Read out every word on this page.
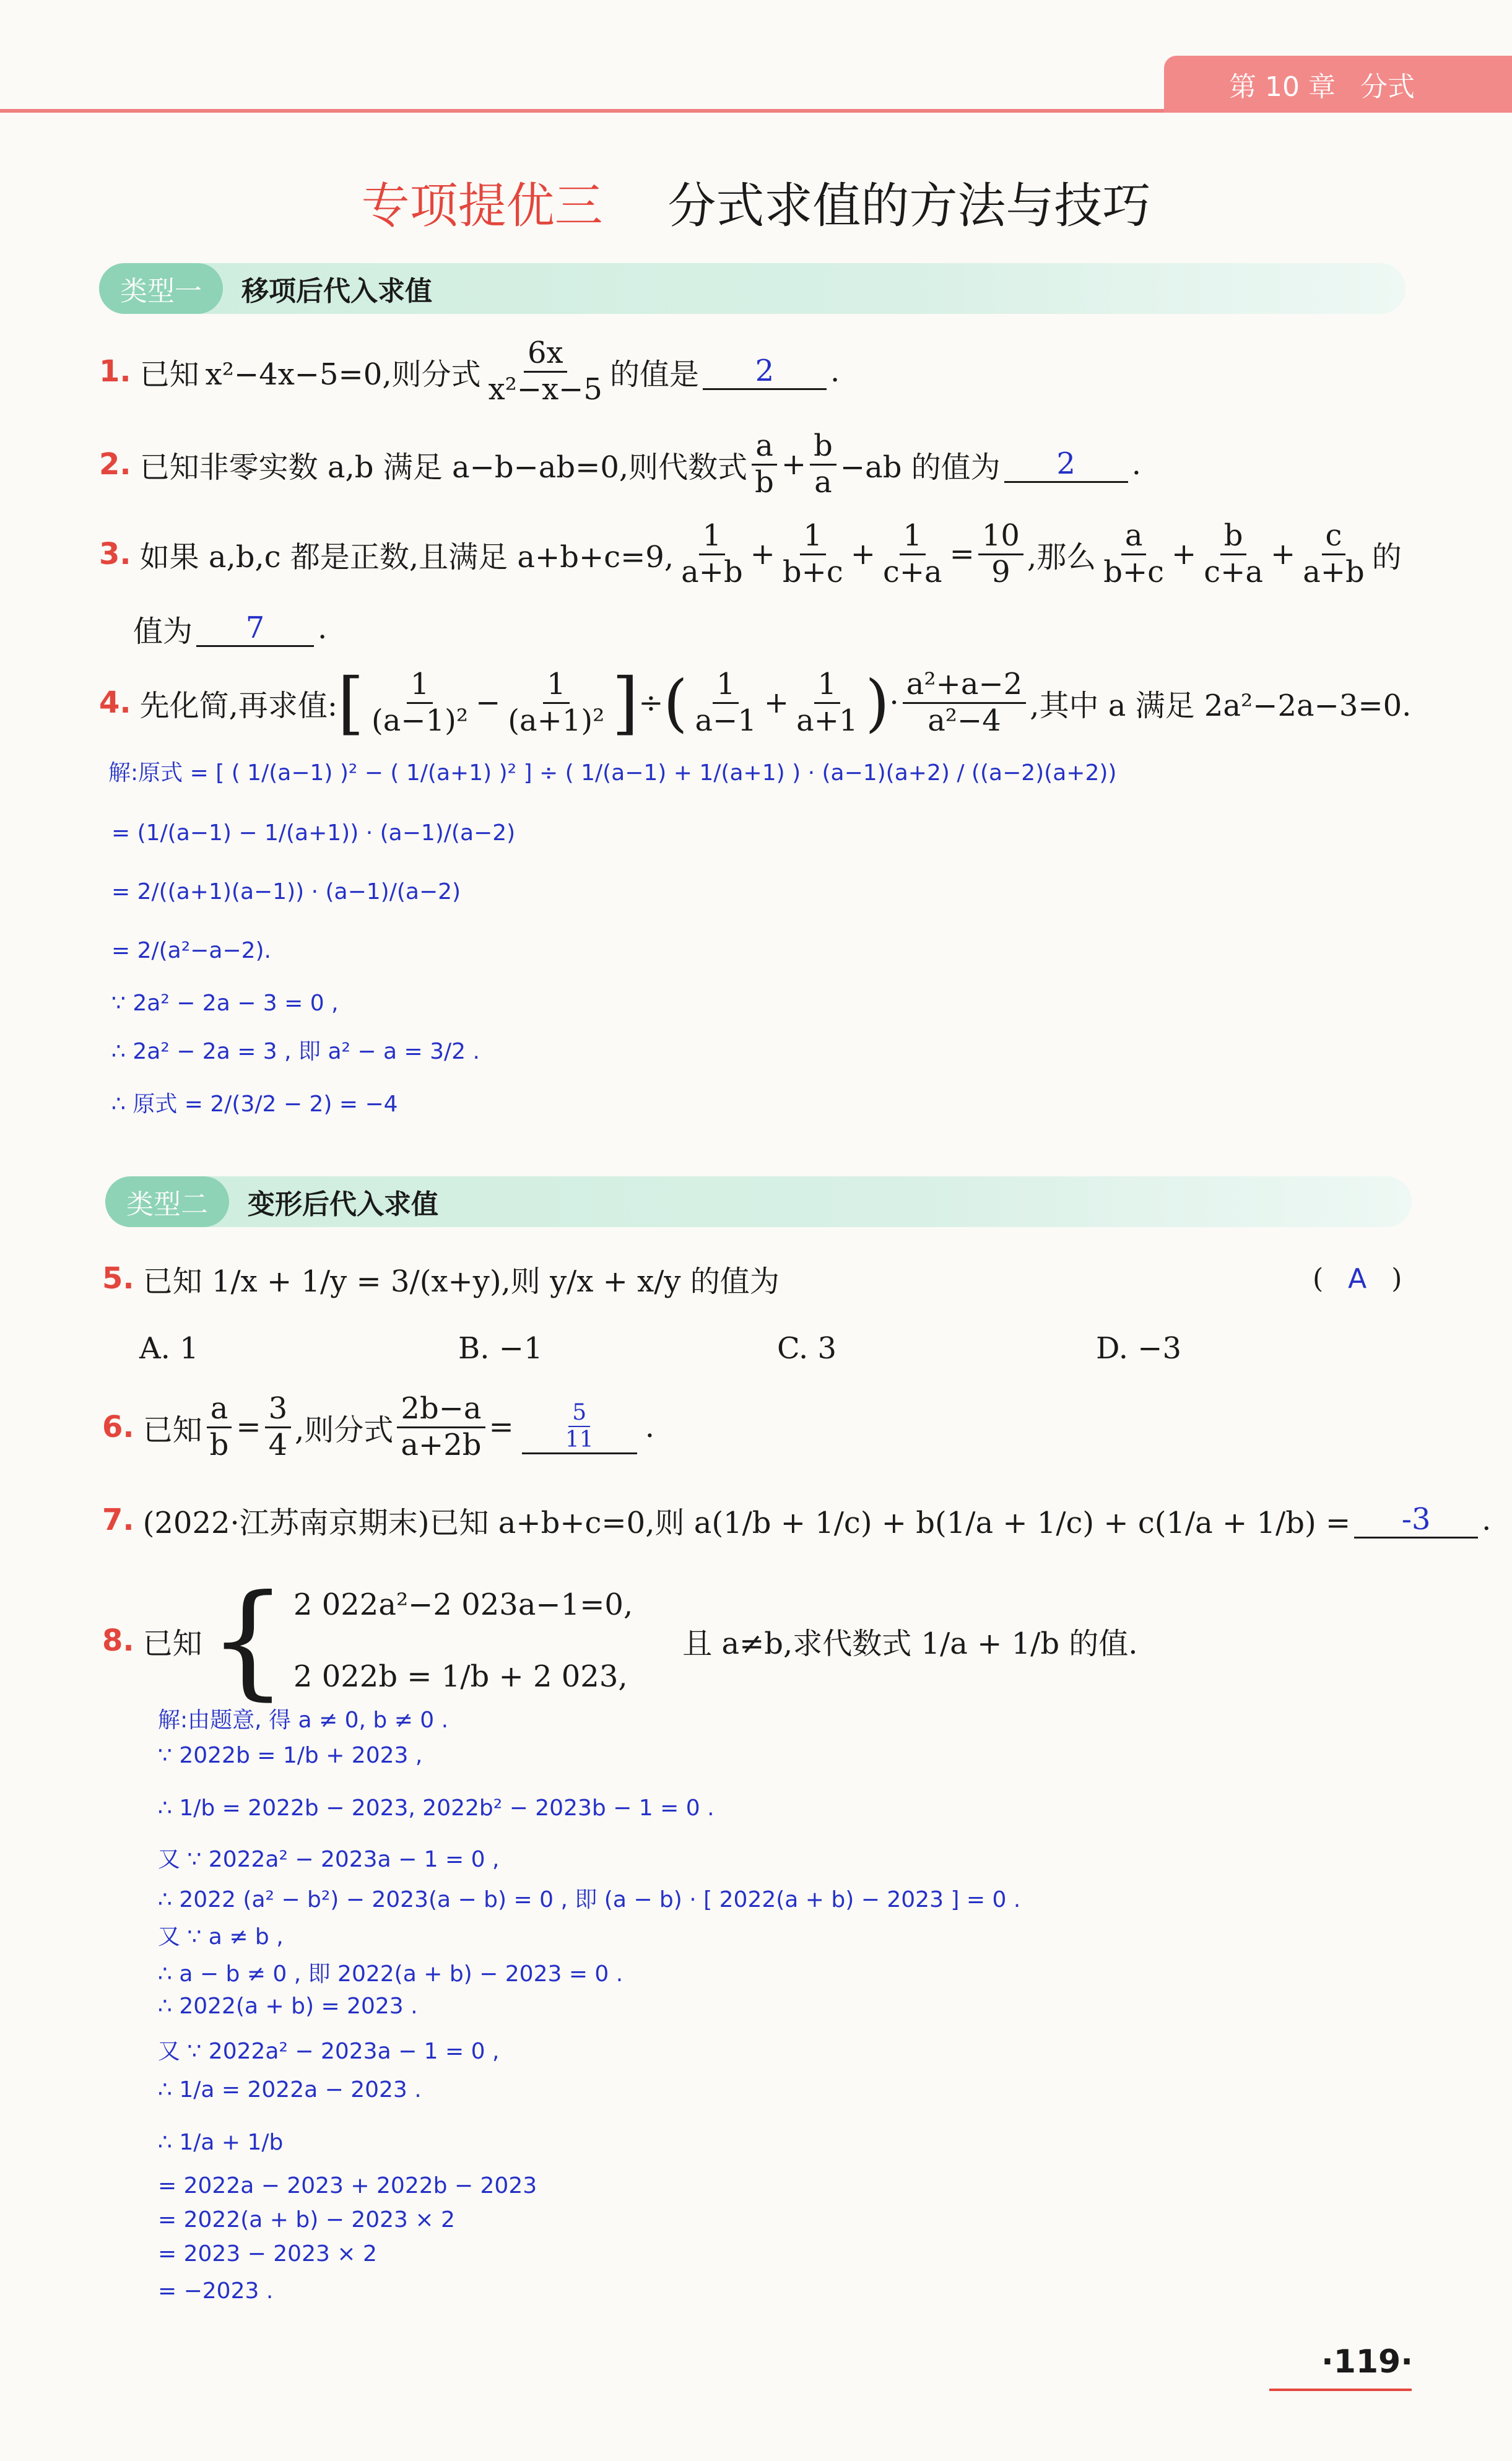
第 10 章 分式
专项提优三 分式求值的方法与技巧
类型一	移项后代入求值
1. 已知 x²−4x−5=0,则分式 $\frac{6x}{\text{x²−x−5}}$ 的值是	2	.
2. 已知非零实数 a,b 满足 a−b−ab=0,则代数式 $\frac{a}{b} + \frac{b}{a} -ab$ 的值为	2	.
3. 如果 a,b,c 都是正数,且满足 a+b+c=9, $\frac{1}{a+b} + \frac{1}{b+c} + \frac{1}{c+a} = \frac{10}{9}$ ,那么 $\frac{a}{b+c} + \frac{b}{c+a} + \frac{c}{a+b}$ 的
值为	7	.
4. 先化简,再求值: [ $\frac{1}{\text{(a−1)²}} - \frac{1}{\text{(a+1)²}}$ ] ÷ ( $\frac{1}{a-1} + \frac{1}{a+1}$ ) · $\frac{\text{a²+a−2}}{\text{a²−4}}$ ,其中 a 满足 2a²−2a−3=0.
解:原式 = [ ( 1/(a−1) )² − ( 1/(a+1) )² ] ÷ ( 1/(a−1) + 1/(a+1) ) · (a−1)(a+2) / ((a−2)(a+2))
= (1/(a−1) − 1/(a+1)) · (a−1)/(a−2)
= 2/((a+1)(a−1)) · (a−1)/(a−2)
= 2/(a²−a−2).
∵ 2a² − 2a − 3 = 0 ,
∴ 2a² − 2a = 3 , 即 a² − a = 3/2 .
∴ 原式 = 2/(3/2 − 2) = −4
类型二	变形后代入求值
5. 已知 1/x + 1/y = 3/(x+y),则 y/x + x/y 的值为	( A )
A. 1	B. −1	C. 3	D. −3
6. 已知 $\frac{a}{b} = \frac{3}{4}$ ,则分式 $\frac{2b-a}{a+2b} = \frac{5}{11}$ .
7. (2022·江苏南京期末)已知 a+b+c=0,则 a(1/b + 1/c) + b(1/a + 1/c) + c(1/a + 1/b) =	-3	.
8. 已知 { 2 022a²−2 023a−1=0,
2 022b = 1/b + 2 023,
且 a≠b,求代数式 1/a + 1/b 的值.
解:由题意, 得 a ≠ 0, b ≠ 0 .
∵ 2022b = 1/b + 2023 ,
∴ 1/b = 2022b − 2023, 2022b² − 2023b − 1 = 0 .
又 ∵ 2022a² − 2023a − 1 = 0 ,
∴ 2022 (a² − b²) − 2023(a − b) = 0 , 即 (a − b) · [ 2022(a + b) − 2023 ] = 0 .
又 ∵ a ≠ b ,
∴ a − b ≠ 0 , 即 2022(a + b) − 2023 = 0 .
∴ 2022(a + b) = 2023 .
又 ∵ 2022a² − 2023a − 1 = 0 ,
∴ 1/a = 2022a − 2023 .
∴ 1/a + 1/b
= 2022a − 2023 + 2022b − 2023
= 2022(a + b) − 2023 × 2
= 2023 − 2023 × 2
= −2023 .
·119·
